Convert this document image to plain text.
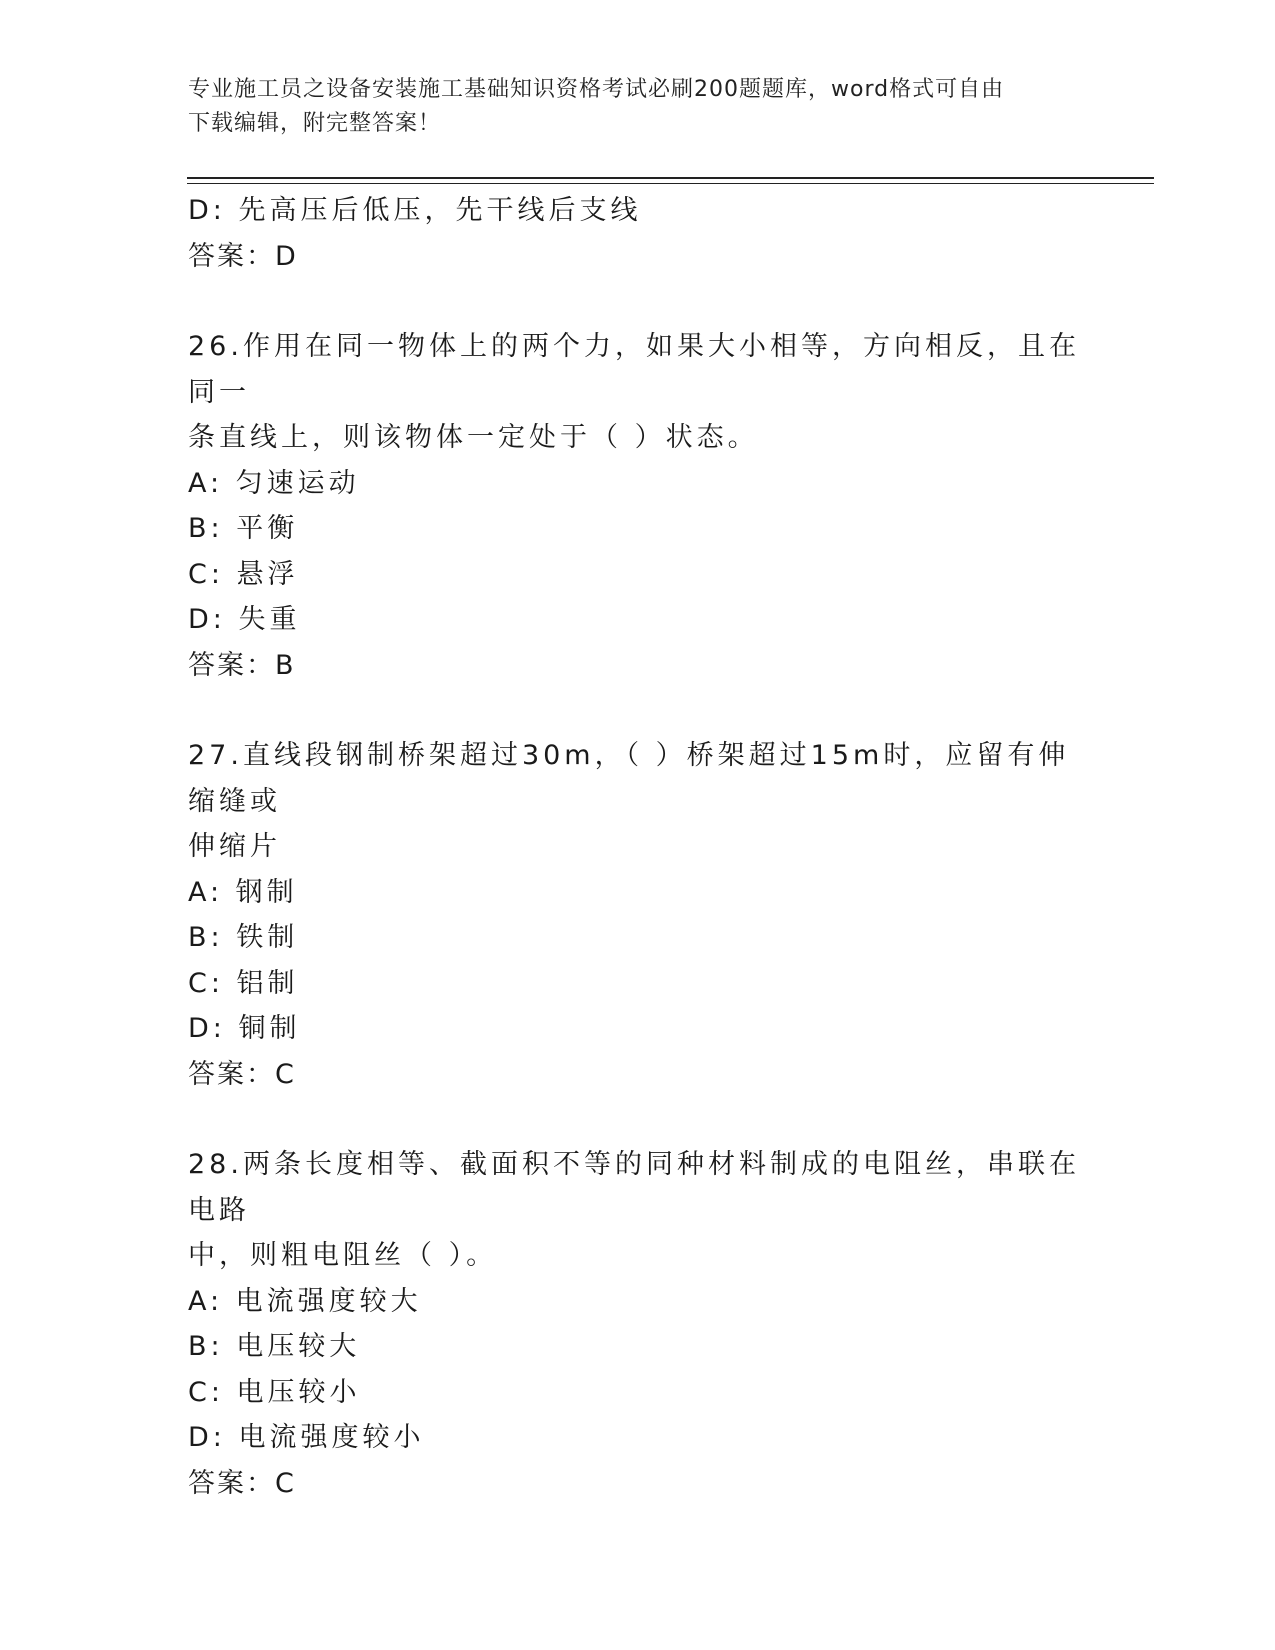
专业施工员之设备安装施工基础知识资格考试必刷200题题库，word格式可自由
下载编辑，附完整答案！
D: 先高压后低压，先干线后支线
答案：D
26.作用在同一物体上的两个力，如果大小相等，方向相反，且在同一
条直线上，则该物体一定处于（ ）状态。
A: 匀速运动
B: 平衡
C: 悬浮
D: 失重
答案：B
27.直线段钢制桥架超过30m，（ ）桥架超过15m时，应留有伸缩缝或
伸缩片
A: 钢制
B: 铁制
C: 铝制
D: 铜制
答案：C
28.两条长度相等、截面积不等的同种材料制成的电阻丝，串联在电路
中，则粗电阻丝（ ）。
A: 电流强度较大
B: 电压较大
C: 电压较小
D: 电流强度较小
答案：C
